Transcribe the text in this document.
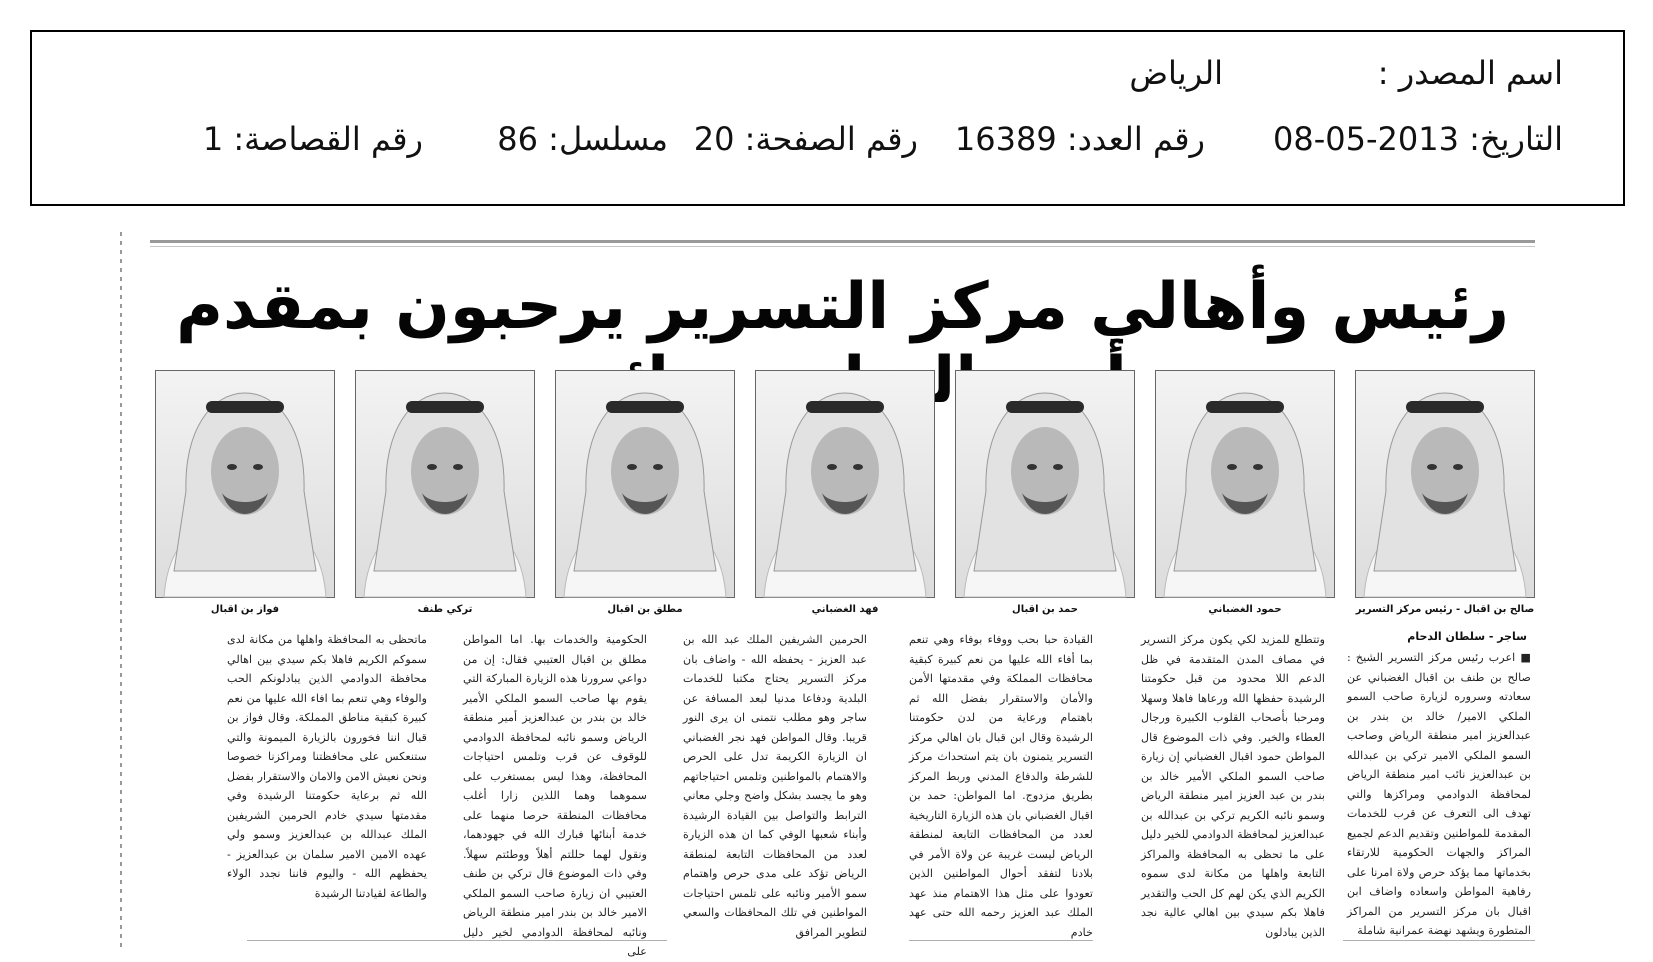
اسم المصدر :
الرياض
التاريخ: 2013-05-08
رقم العدد: 16389
رقم الصفحة: 20
مسلسل: 86
رقم القصاصة: 1
رئيس وأهالي مركز التسرير يرحبون بمقدم
صالح بن اقبال - رئيس مركز التسرير
حمود الغضباني
حمد بن اقبال
فهد الغضباني
مطلق بن اقبال
تركي طنف
فواز بن اقبال
ساجر - سلطان الدحام
■ اعرب رئيس مركز التسرير الشيخ : صالح بن طنف بن اقبال الغضباني عن سعادته وسروره لزيارة صاحب السمو الملكي الامير/ خالد بن بندر بن عبدالعزيز امير منطقة الرياض وصاحب السمو الملكي الامير تركي بن عبدالله بن عبدالعزيز نائب امير منطقة الرياض لمحافظة الدوادمي ومراكزها والتي تهدف الى التعرف عن قرب للخدمات المقدمة للمواطنين وتقديم الدعم لجميع المراكز والجهات الحكومية للارتقاء بخدماتها مما يؤكد حرص ولاة امرنا على رفاهية المواطن واسعاده واضاف ابن اقبال بان مركز التسرير من المراكز المتطورة ويشهد نهضة عمرانية شاملة
وتتطلع للمزيد لكي يكون مركز التسرير في مصاف المدن المتقدمة في ظل الدعم اللا محدود من قبل حكومتنا الرشيدة حفظها الله ورعاها فاهلا وسهلا ومرحبا بأصحاب القلوب الكبيرة ورجال العطاء والخير. وفي ذات الموضوع قال المواطن حمود اقبال الغضباني إن زيارة صاحب السمو الملكي الأمير خالد بن بندر بن عبد العزيز امير منطقة الرياض وسمو نائبه الكريم تركي بن عبدالله بن عبدالعزيز لمحافظة الدوادمي للخير دليل على ما تحظى به المحافظة والمراكز التابعة واهلها من مكانة لدى سموه الكريم الذي يكن لهم كل الحب والتقدير فاهلا بكم سيدي بين اهالي عالية نجد الذين يبادلون
القيادة حبا بحب ووفاء بوفاء وهي تنعم بما أفاء الله عليها من نعم كبيرة كبقية محافظات المملكة وفي مقدمتها الأمن والأمان والاستقرار بفضل الله ثم باهتمام ورعاية من لدن حكومتنا الرشيدة وقال ابن قبال بان اهالي مركز التسرير يتمنون بان يتم استحداث مركز للشرطة والدفاع المدني وربط المركز بطريق مزدوج. اما المواطن: حمد بن اقبال الغضباني بان هذه الزيارة التاريخية لعدد من المحافظات التابعة لمنطقة الرياض ليست غريبة عن ولاة الأمر في بلادنا لتفقد أحوال المواطنين الذين تعودوا على مثل هذا الاهتمام منذ عهد الملك عبد العزيز رحمه الله حتى عهد خادم
الحرمين الشريفين الملك عبد الله بن عبد العزيز - يحفظه الله - واضاف بان مركز التسرير يحتاج مكتبا للخدمات البلدية ودفاعا مدنيا لبعد المسافة عن ساجر وهو مطلب نتمنى ان يرى النور قريبا. وقال المواطن فهد نجر الغضباني ان الزيارة الكريمة تدل على الحرص والاهتمام بالمواطنين وتلمس احتياجاتهم وهو ما يجسد بشكل واضح وجلي معاني الترابط والتواصل بين القيادة الرشيدة وأبناء شعبها الوفي كما ان هذه الزيارة لعدد من المحافظات التابعة لمنطقة الرياض تؤكد على مدى حرص واهتمام سمو الأمير ونائبه على تلمس احتياجات المواطنين في تلك المحافظات والسعي لتطوير المرافق
الحكومية والخدمات بها. اما المواطن مطلق بن اقبال العتيبي فقال: إن من دواعي سرورنا هذه الزيارة المباركة التي يقوم بها صاحب السمو الملكي الأمير خالد بن بندر بن عبدالعزيز أمير منطقة الرياض وسمو نائبه لمحافظة الدوادمي للوقوف عن قرب وتلمس احتياجات المحافظة، وهذا ليس بمستغرب على سموهما وهما اللذين زارا أغلب محافظات المنطقة حرصا منهما على خدمة أبنائها فبارك الله في جهودهما، ونقول لهما حللتم أهلاً ووطئتم سهلاً. وفي ذات الموضوع قال تركي بن طنف العتيبي ان زيارة صاحب السمو الملكي الامير خالد بن بندر امير منطقة الرياض ونائبه لمحافظة الدوادمي لخير دليل على
ماتحظى به المحافظة واهلها من مكانة لدى سموكم الكريم فاهلا بكم سيدي بين اهالي محافظة الدوادمي الذين يبادلونكم الحب والوفاء وهي تنعم بما افاء الله عليها من نعم كبيرة كبقية مناطق المملكة. وقال فواز بن قبال اننا فخورون بالزيارة الميمونة والتي ستنعكس على محافظتنا ومراكزنا خصوصا ونحن نعيش الامن والامان والاستقرار بفضل الله ثم برعاية حكومتنا الرشيدة وفي مقدمتها سيدي خادم الحرمين الشريفين الملك عبدالله بن عبدالعزيز وسمو ولي عهده الامين الامير سلمان بن عبدالعزيز - يحفظهم الله - واليوم فاننا نجدد الولاء والطاعة لقيادتنا الرشيدة
